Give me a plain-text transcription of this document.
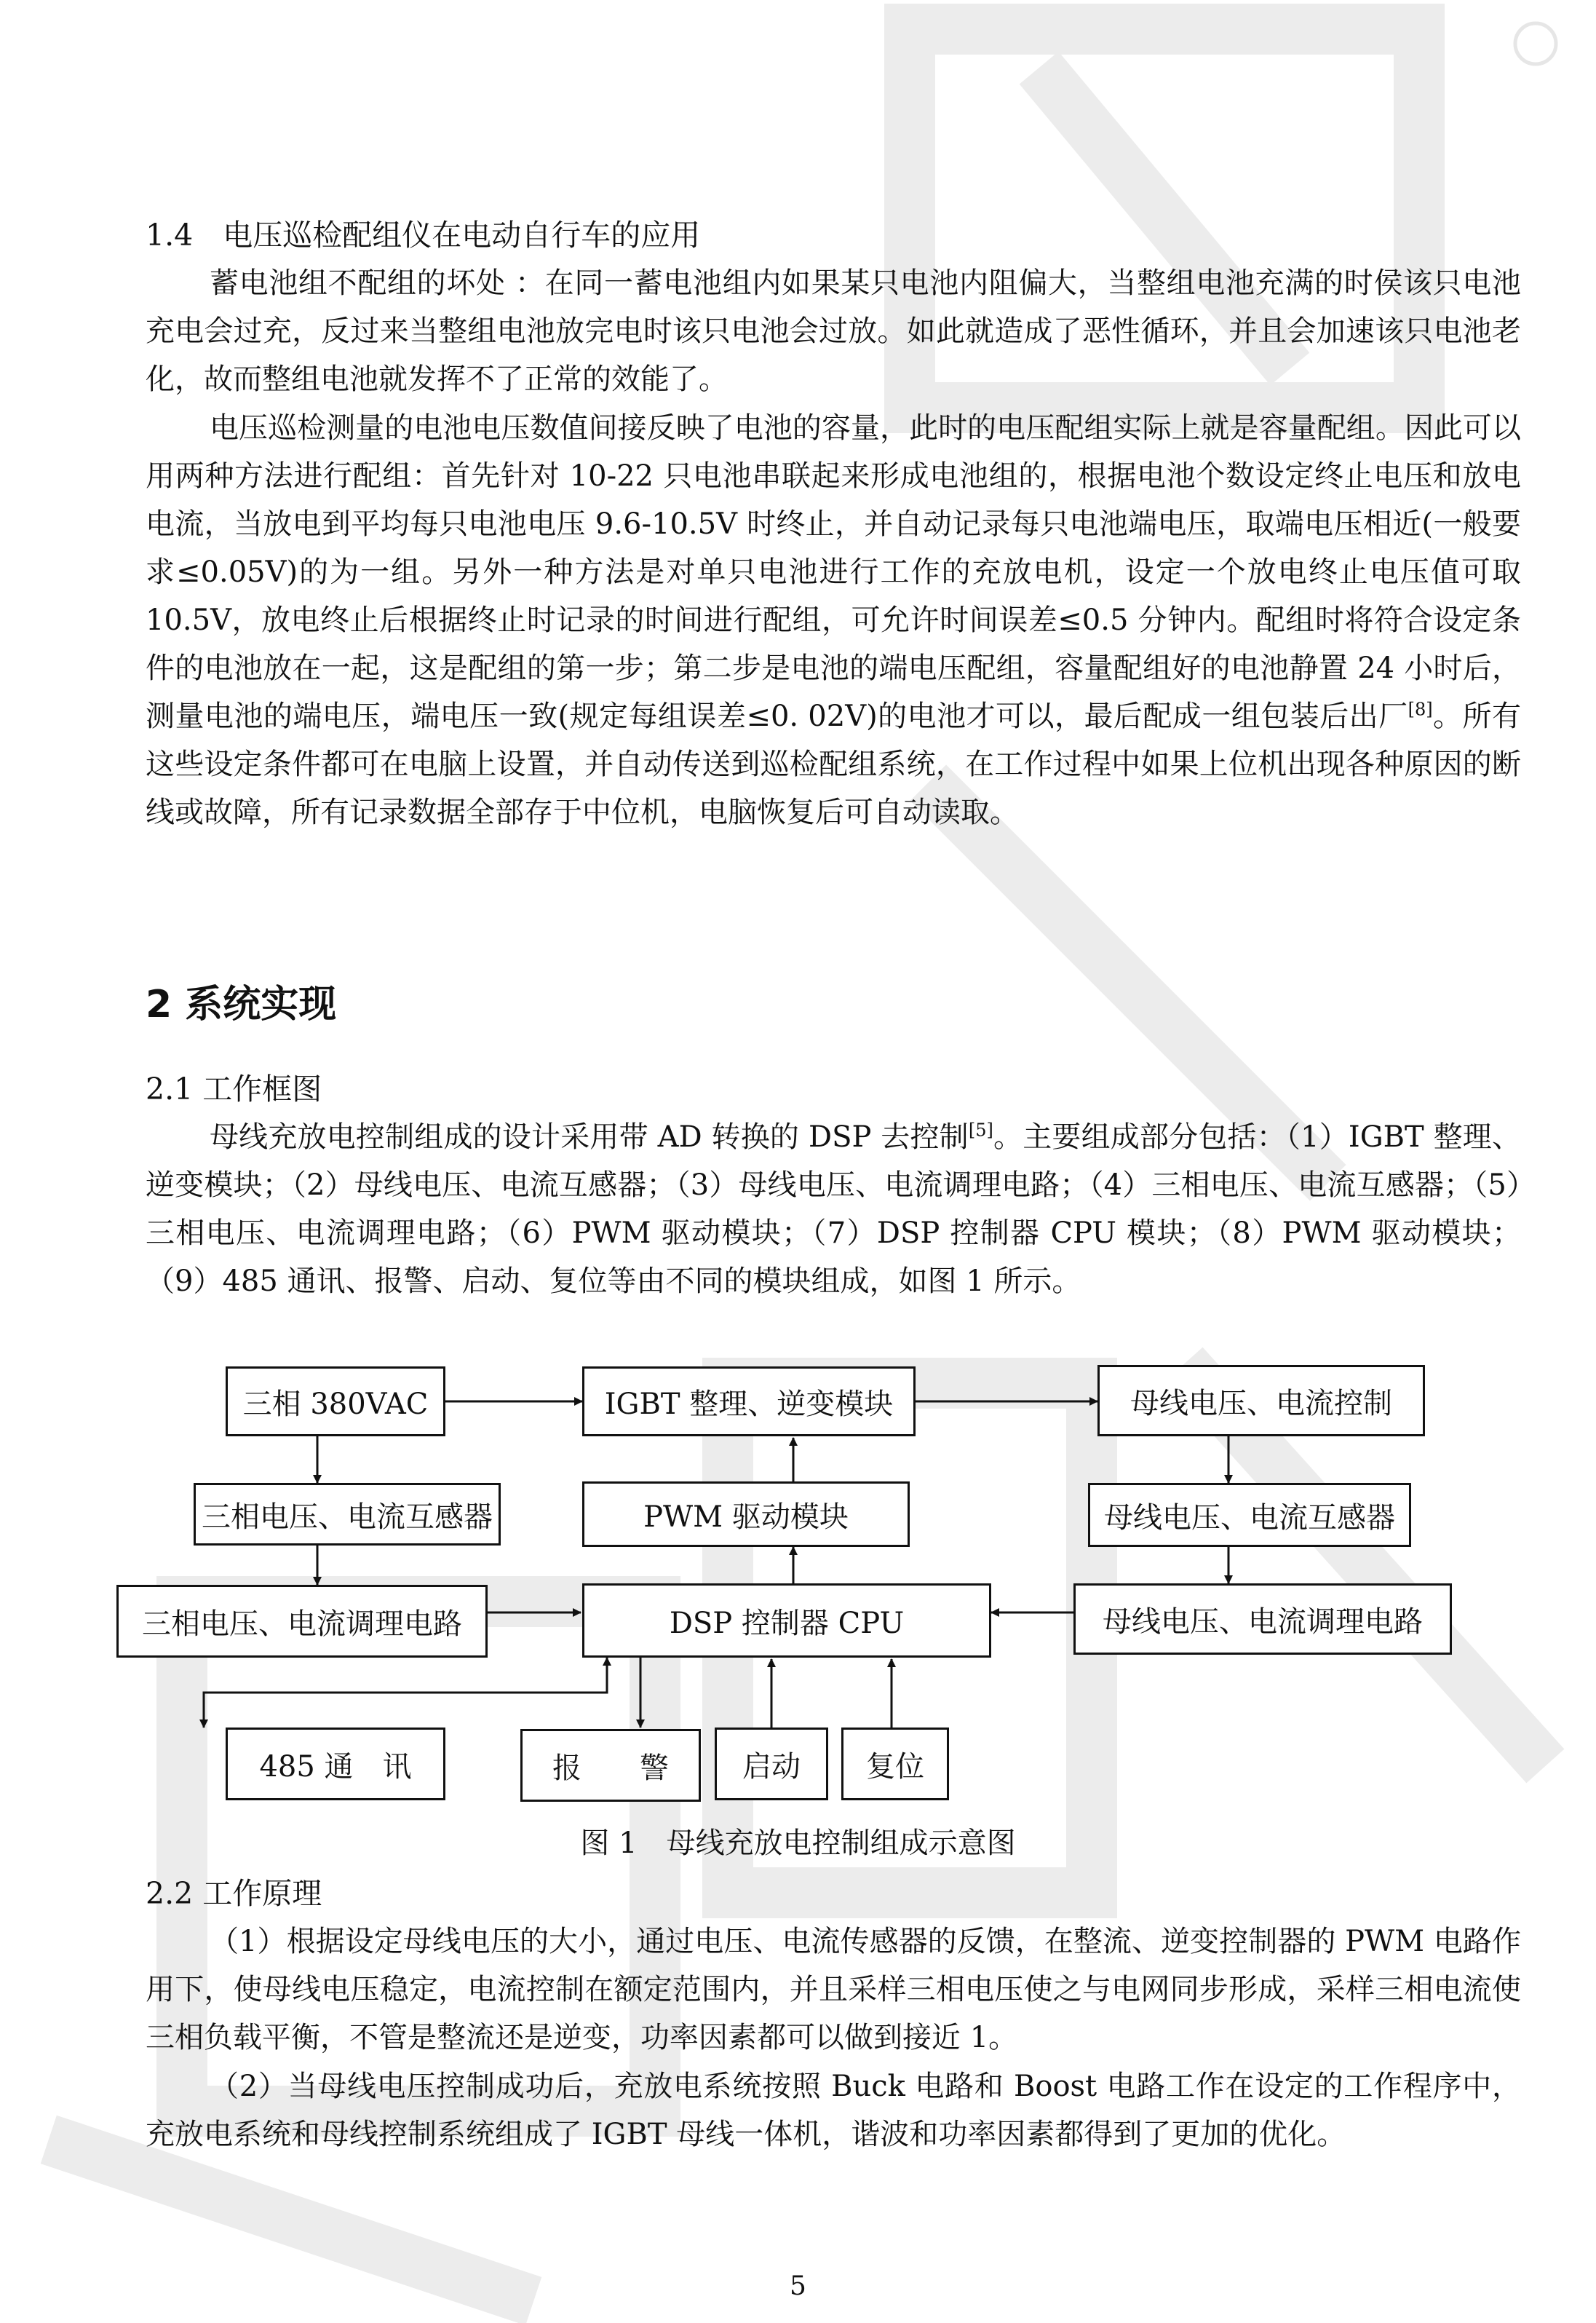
1.4　电压巡检配组仪在电动自行车的应用

蓄电池组不配组的坏处 ：在同一蓄电池组内如果某只电池内阻偏大，当整组电池充满的时侯该只电池充电会过充，反过来当整组电池放完电时该只电池会过放。如此就造成了恶性循环，并且会加速该只电池老化，故而整组电池就发挥不了正常的效能了。

电压巡检测量的电池电压数值间接反映了电池的容量，此时的电压配组实际上就是容量配组。因此可以用两种方法进行配组：首先针对 10-22 只电池串联起来形成电池组的，根据电池个数设定终止电压和放电电流，当放电到平均每只电池电压 9.6-10.5V 时终止，并自动记录每只电池端电压，取端电压相近(一般要求≤0.05V)的为一组。另外一种方法是对单只电池进行工作的充放电机，设定一个放电终止电压值可取 10.5V，放电终止后根据终止时记录的时间进行配组，可允许时间误差≤0.5 分钟内。配组时将符合设定条件的电池放在一起，这是配组的第一步；第二步是电池的端电压配组，容量配组好的电池静置 24 小时后，测量电池的端电压，端电压一致(规定每组误差≤0. 02V)的电池才可以，最后配成一组包装后出厂[8]。所有这些设定条件都可在电脑上设置，并自动传送到巡检配组系统，在工作过程中如果上位机出现各种原因的断线或故障，所有记录数据全部存于中位机，电脑恢复后可自动读取。

2 系统实现

2.1 工作框图

母线充放电控制组成的设计采用带 AD 转换的 DSP 去控制[5]。主要组成部分包括：（1）IGBT 整理、逆变模块；（2）母线电压、电流互感器；（3）母线电压、电流调理电路；（4）三相电压、电流互感器；（5）三相电压、电流调理电路；（6）PWM 驱动模块；（7）DSP 控制器 CPU 模块；（8）PWM 驱动模块；（9）485 通讯、报警、启动、复位等由不同的模块组成，如图 1 所示。

三相 380VAC	IGBT 整理、逆变模块	母线电压、电流控制
三相电压、电流互感器	PWM 驱动模块	母线电压、电流互感器
三相电压、电流调理电路	DSP 控制器 CPU	母线电压、电流调理电路
485 通　讯	报　　警	启动	复位
图 1　母线充放电控制组成示意图

2.2 工作原理

（1）根据设定母线电压的大小，通过电压、电流传感器的反馈，在整流、逆变控制器的 PWM 电路作用下，使母线电压稳定，电流控制在额定范围内，并且采样三相电压使之与电网同步形成，采样三相电流使三相负载平衡，不管是整流还是逆变，功率因素都可以做到接近 1。

（2）当母线电压控制成功后，充放电系统按照 Buck 电路和 Boost 电路工作在设定的工作程序中，充放电系统和母线控制系统组成了 IGBT 母线一体机，谐波和功率因素都得到了更加的优化。

5
